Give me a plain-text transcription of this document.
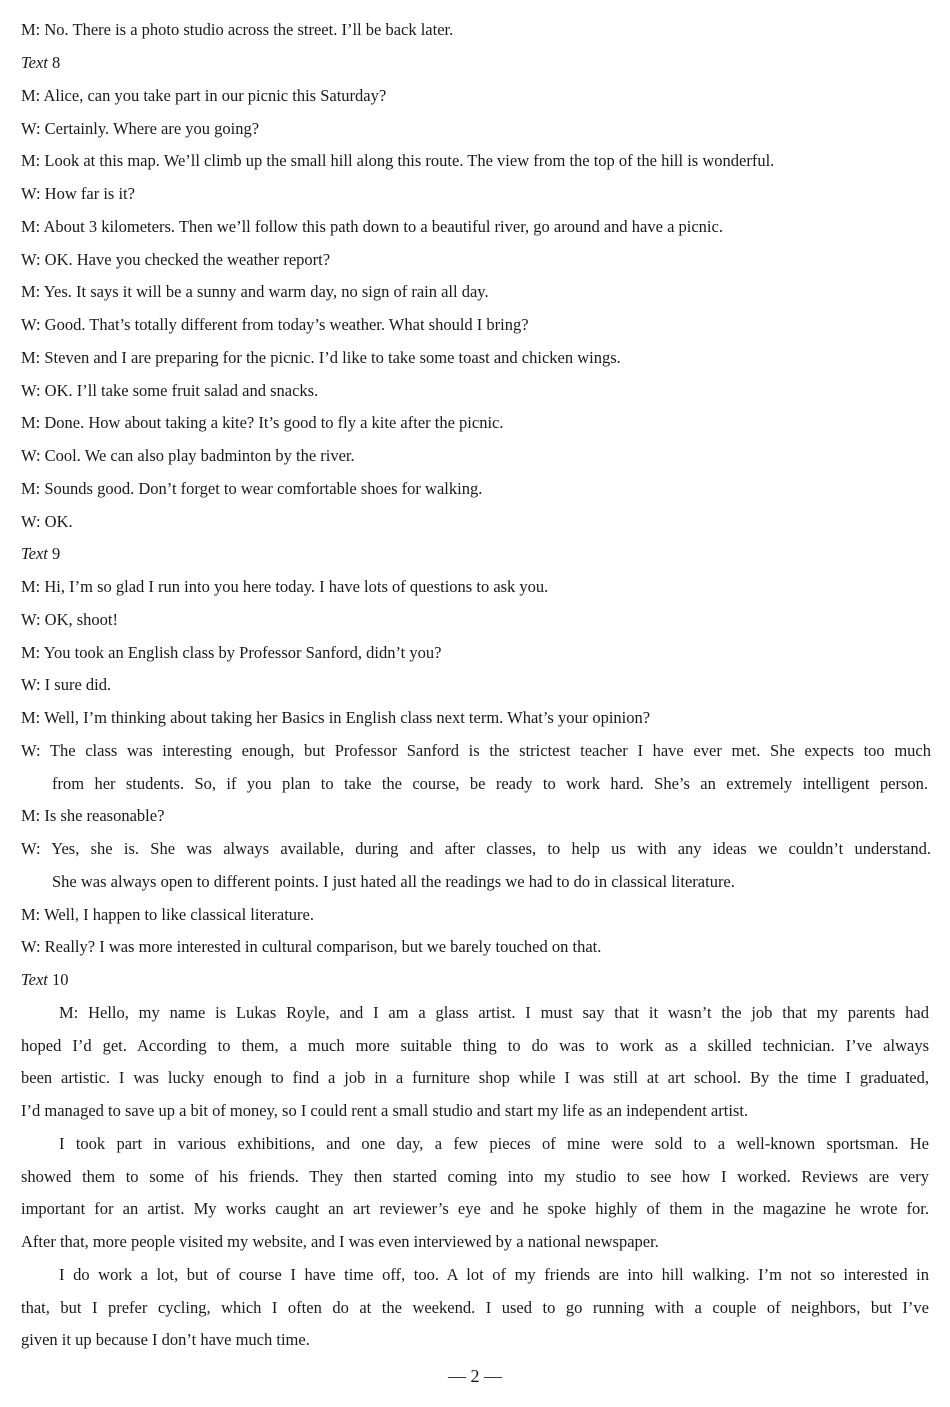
M: No. There is a photo studio across the street. I’ll be back later.
Text 8
M: Alice, can you take part in our picnic this Saturday?
W: Certainly. Where are you going?
M: Look at this map. We’ll climb up the small hill along this route. The view from the top of the hill is wonderful.
W: How far is it?
M: About 3 kilometers. Then we’ll follow this path down to a beautiful river, go around and have a picnic.
W: OK. Have you checked the weather report?
M: Yes. It says it will be a sunny and warm day, no sign of rain all day.
W: Good. That’s totally different from today’s weather. What should I bring?
M: Steven and I are preparing for the picnic. I’d like to take some toast and chicken wings.
W: OK. I’ll take some fruit salad and snacks.
M: Done. How about taking a kite? It’s good to fly a kite after the picnic.
W: Cool. We can also play badminton by the river.
M: Sounds good. Don’t forget to wear comfortable shoes for walking.
W: OK.
Text 9
M: Hi, I’m so glad I run into you here today. I have lots of questions to ask you.
W: OK, shoot!
M: You took an English class by Professor Sanford, didn’t you?
W: I sure did.
M: Well, I’m thinking about taking her Basics in English class next term. What’s your opinion?
W: The class was interesting enough, but Professor Sanford is the strictest teacher I have ever met. She expects too much
from her students. So, if you plan to take the course, be ready to work hard. She’s an extremely intelligent person.
M: Is she reasonable?
W: Yes, she is. She was always available, during and after classes, to help us with any ideas we couldn’t understand.
She was always open to different points. I just hated all the readings we had to do in classical literature.
M: Well, I happen to like classical literature.
W: Really? I was more interested in cultural comparison, but we barely touched on that.
Text 10
M: Hello, my name is Lukas Royle, and I am a glass artist. I must say that it wasn’t the job that my parents had
hoped I’d get. According to them, a much more suitable thing to do was to work as a skilled technician. I’ve always
been artistic. I was lucky enough to find a job in a furniture shop while I was still at art school. By the time I graduated,
I’d managed to save up a bit of money, so I could rent a small studio and start my life as an independent artist.
I took part in various exhibitions, and one day, a few pieces of mine were sold to a well-known sportsman. He
showed them to some of his friends. They then started coming into my studio to see how I worked. Reviews are very
important for an artist. My works caught an art reviewer’s eye and he spoke highly of them in the magazine he wrote for.
After that, more people visited my website, and I was even interviewed by a national newspaper.
I do work a lot, but of course I have time off, too. A lot of my friends are into hill walking. I’m not so interested in
that, but I prefer cycling, which I often do at the weekend. I used to go running with a couple of neighbors, but I’ve
given it up because I don’t have much time.
— 2 —
